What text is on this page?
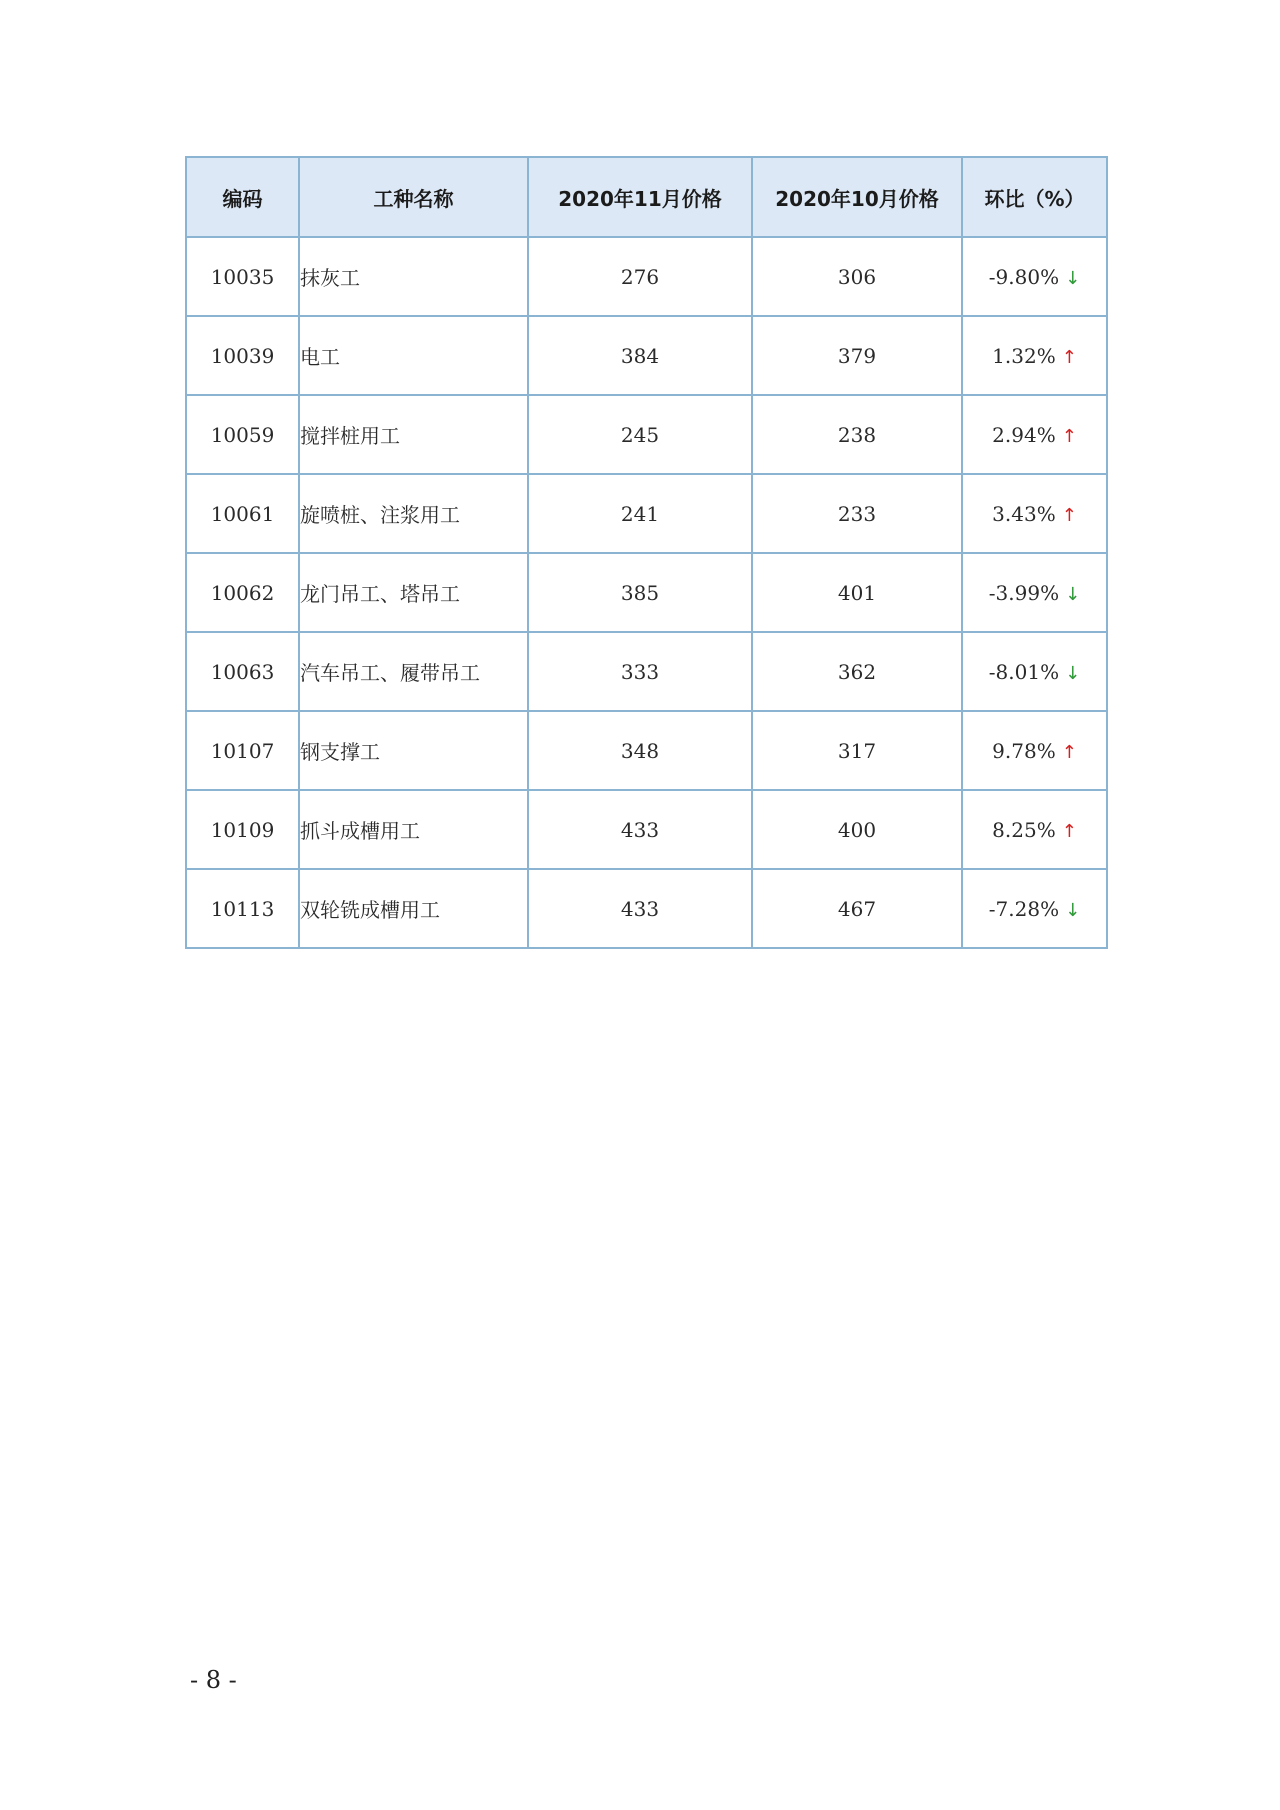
编码	工种名称	2020年11月价格	2020年10月价格	环比（%）
10035	抹灰工	276	306	-9.80% ↓
10039	电工	384	379	1.32% ↑
10059	搅拌桩用工	245	238	2.94% ↑
10061	旋喷桩、注浆用工	241	233	3.43% ↑
10062	龙门吊工、塔吊工	385	401	-3.99% ↓
10063	汽车吊工、履带吊工	333	362	-8.01% ↓
10107	钢支撑工	348	317	9.78% ↑
10109	抓斗成槽用工	433	400	8.25% ↑
10113	双轮铣成槽用工	433	467	-7.28% ↓
- 8 -
